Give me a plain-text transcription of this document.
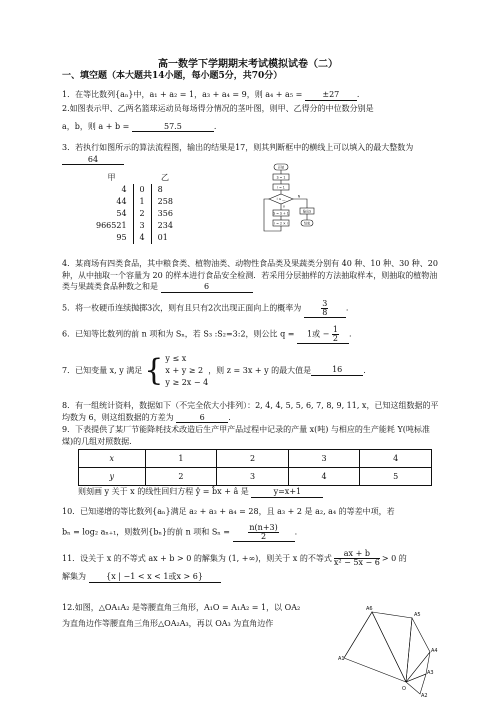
高一数学下学期期末考试模拟试卷（二）
一、填空题（本大题共14小题，每小题5分，共70分）
1．在等比数列{aₙ}中，a₁ + a₂ = 1，a₃ + a₄ = 9，则 a₄ + a₅ =	±27 .
2.如图表示甲、乙两名篮球运动员每场得分情况的茎叶图，则甲、乙得分的中位数分别是
a，b，则 a + b =	57.5	.
3．若执行如图所示的算法流程图，输出的结果是17，则其判断框中的横线上可以填入的最大整数为 64
甲		乙
4	0	8
44	1	258
54	2	356
966521	3	234
95	4	01
开始
S = 1
i = 1
i ≤ __
Y
N
输出S
结束
S = S + 1
i = 2 × i
4．某商场有四类食品，其中粮食类、植物油类、动物性食品类及果蔬类分别有 40 种、10 种、30 种、20 种，从中抽取一个容量为 20 的样本进行食品安全检测．若采用分层抽样的方法抽取样本，则抽取的植物油类与果蔬类食品种数之和是	6
5．将一枚硬币连续抛掷3次，则有且只有2次出现正面向上的概率为	$\frac{3}{8}$ .
6．已知等比数列的前 n 项和为 Sₙ，若 S₃ :S₂=3:2，则公比 q = 1或 − $\frac{1}{2}$ .
7．已知变量 x, y 满足 { y ≤ x
x + y ≥ 2
y ≥ 2x − 4
，则 z = 3x + y 的最大值是	16	.
8．有一组统计资料，数据如下（不完全依大小排列）：2, 4, 4, 5, 5, 6, 7, 8, 9, 11, x，已知这组数据的平均数为 6，则这组数据的方差为	6	.
9．下表提供了某厂节能降耗技术改造后生产甲产品过程中记录的产量 x(吨) 与相应的生产能耗 Y(吨标准煤)的几组对照数据.
x	1	2	3	4
y	2	3	4	5
则刻画 y 关于 x 的线性回归方程 ŷ = b̂x + â 是	y=x+1
10．已知递增的等比数列{aₙ}满足 a₂ + a₃ + a₄ = 28，且 a₃ + 2 是 a₂, a₄ 的等差中项，若
bₙ = log₂ aₙ₊₁，则数列{bₙ}的前 n 项和 $S_n = \frac{n(n+3)}{2}$ .
11．设关于 x 的不等式 ax + b > 0 的解集为 (1, +∞)，则关于 x 的不等式 $\frac{ax + b}{\text{x² − 5x − 6}} > 0$ 的
解集为	{x | −1 < x < 1或x > 6}
12.如图，△OA₁A₂ 是等腰直角三角形，A₁O = A₁A₂ = 1，以 OA₂
为直角边作等腰直角三角形△OA₂A₃，再以 OA₃ 为直角边作
A6
A5
A4
A3
A2
A1
O
